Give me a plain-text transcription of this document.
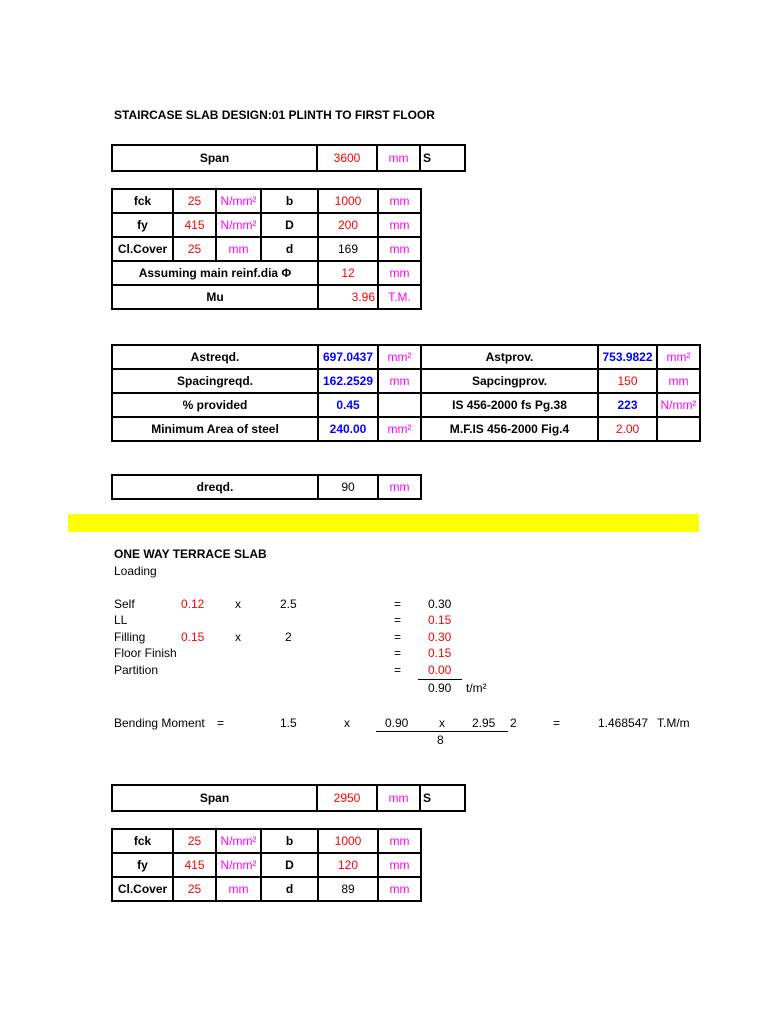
STAIRCASE SLAB DESIGN:01 PLINTH TO FIRST FLOOR
Span	3600	mm	S
fck	25	N/mm²	b	1000	mm
fy	415	N/mm²	D	200	mm
Cl.Cover	25	mm	d	169	mm
Assuming main reinf.dia Φ				12	mm
Mu				3.96	T.M.
Astreqd.	697.0437	mm²	Astprov.	753.9822	mm²
Spacingreqd.	162.2529	mm	Sapcingprov.	150	mm
% provided	0.45		IS 456-2000 fs Pg.38	223	N/mm²
Minimum Area of steel	240.00	mm²	M.F.IS 456-2000 Fig.4	2.00	
dreqd.	90	mm
ONE WAY TERRACE SLAB
Loading
Self	0.12	x	2.5	= 0.30
LL	= 0.15
Filling	0.15	x	2	= 0.30
Floor Finish	= 0.15
Partition	= 0.00
0.90 t/m²
Bending Moment =	1.5	x	0.90	x 2.95 2
8
=	1.468547 T.M/m
Span	2950	mm	S
fck	25	N/mm²	b	1000	mm
fy	415	N/mm²	D	120	mm
Cl.Cover	25	mm	d	89	mm
